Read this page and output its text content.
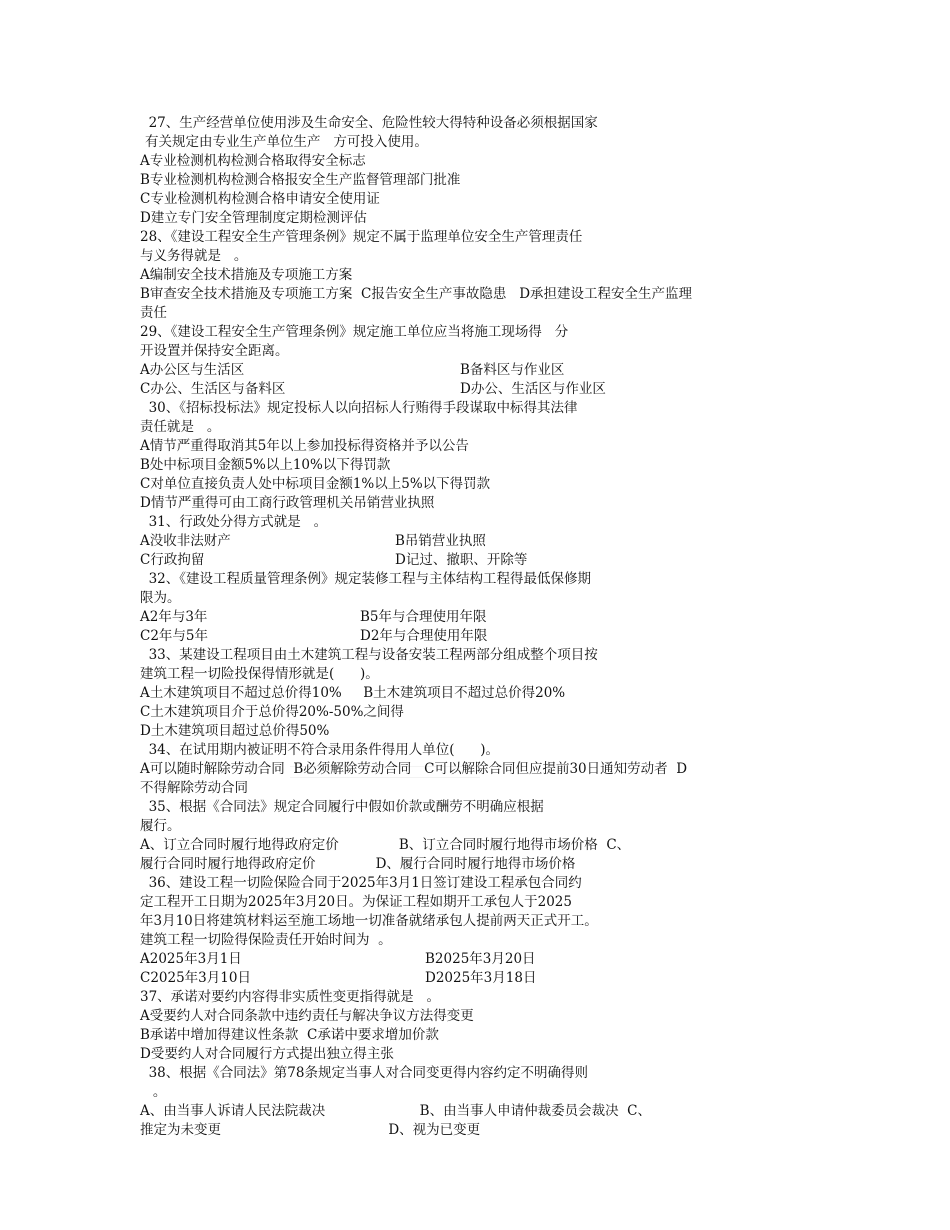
27、生产经营单位使用涉及生命安全、危险性较大得特种设备必须根据国家
有关规定由专业生产单位生产   方可投入使用。
A专业检测机构检测合格取得安全标志
B专业检测机构检测合格报安全生产监督管理部门批准
C专业检测机构检测合格申请安全使用证
D建立专门安全管理制度定期检测评估
28、《建设工程安全生产管理条例》规定不属于监理单位安全生产管理责任
与义务得就是   。
A编制安全技术措施及专项施工方案
B审查安全技术措施及专项施工方案  C报告安全生产事故隐患   D承担建设工程安全生产监理
责任
29、《建设工程安全生产管理条例》规定施工单位应当将施工现场得   分
开设置并保持安全距离。
A办公区与生活区	B备料区与作业区
C办公、生活区与备料区	D办公、生活区与作业区
30、《招标投标法》规定投标人以向招标人行贿得手段谋取中标得其法律
责任就是   。
A情节严重得取消其5年以上参加投标得资格并予以公告
B处中标项目金额5%以上10%以下得罚款
C对单位直接负责人处中标项目金额1%以上5%以下得罚款
D情节严重得可由工商行政管理机关吊销营业执照
31、行政处分得方式就是   。
A没收非法财产	B吊销营业执照
C行政拘留	D记过、撤职、开除等
32、《建设工程质量管理条例》规定装修工程与主体结构工程得最低保修期
限为。
A2年与3年	B5年与合理使用年限
C2年与5年	D2年与合理使用年限
33、某建设工程项目由土木建筑工程与设备安装工程两部分组成整个项目按
建筑工程一切险投保得情形就是(      )。
A土木建筑项目不超过总价得10%     B土木建筑项目不超过总价得20%
C土木建筑项目介于总价得20%-50%之间得
D土木建筑项目超过总价得50%
34、在试用期内被证明不符合录用条件得用人单位(      )。
A可以随时解除劳动合同  B必须解除劳动合同   C可以解除合同但应提前30日通知劳动者  D
不得解除劳动合同
35、根据《合同法》规定合同履行中假如价款或酬劳不明确应根据
履行。
A、订立合同时履行地得政府定价              B、订立合同时履行地得市场价格  C、
履行合同时履行地得政府定价              D、履行合同时履行地得市场价格
36、建设工程一切险保险合同于2025年3月1日签订建设工程承包合同约
定工程开工日期为2025年3月20日。为保证工程如期开工承包人于2025
年3月10日将建筑材料运至施工场地一切准备就绪承包人提前两天正式开工。
建筑工程一切险得保险责任开始时间为  。
A2025年3月1日	B2025年3月20日
C2025年3月10日	D2025年3月18日
37、承诺对要约内容得非实质性变更指得就是   。
A受要约人对合同条款中违约责任与解决争议方法得变更
B承诺中增加得建议性条款  C承诺中要求增加价款
D受要约人对合同履行方式提出独立得主张
38、根据《合同法》第78条规定当事人对合同变更得内容约定不明确得则
。
A、由当事人诉请人民法院裁决                      B、由当事人申请仲裁委员会裁决  C、
推定为未变更                                       D、视为已变更
